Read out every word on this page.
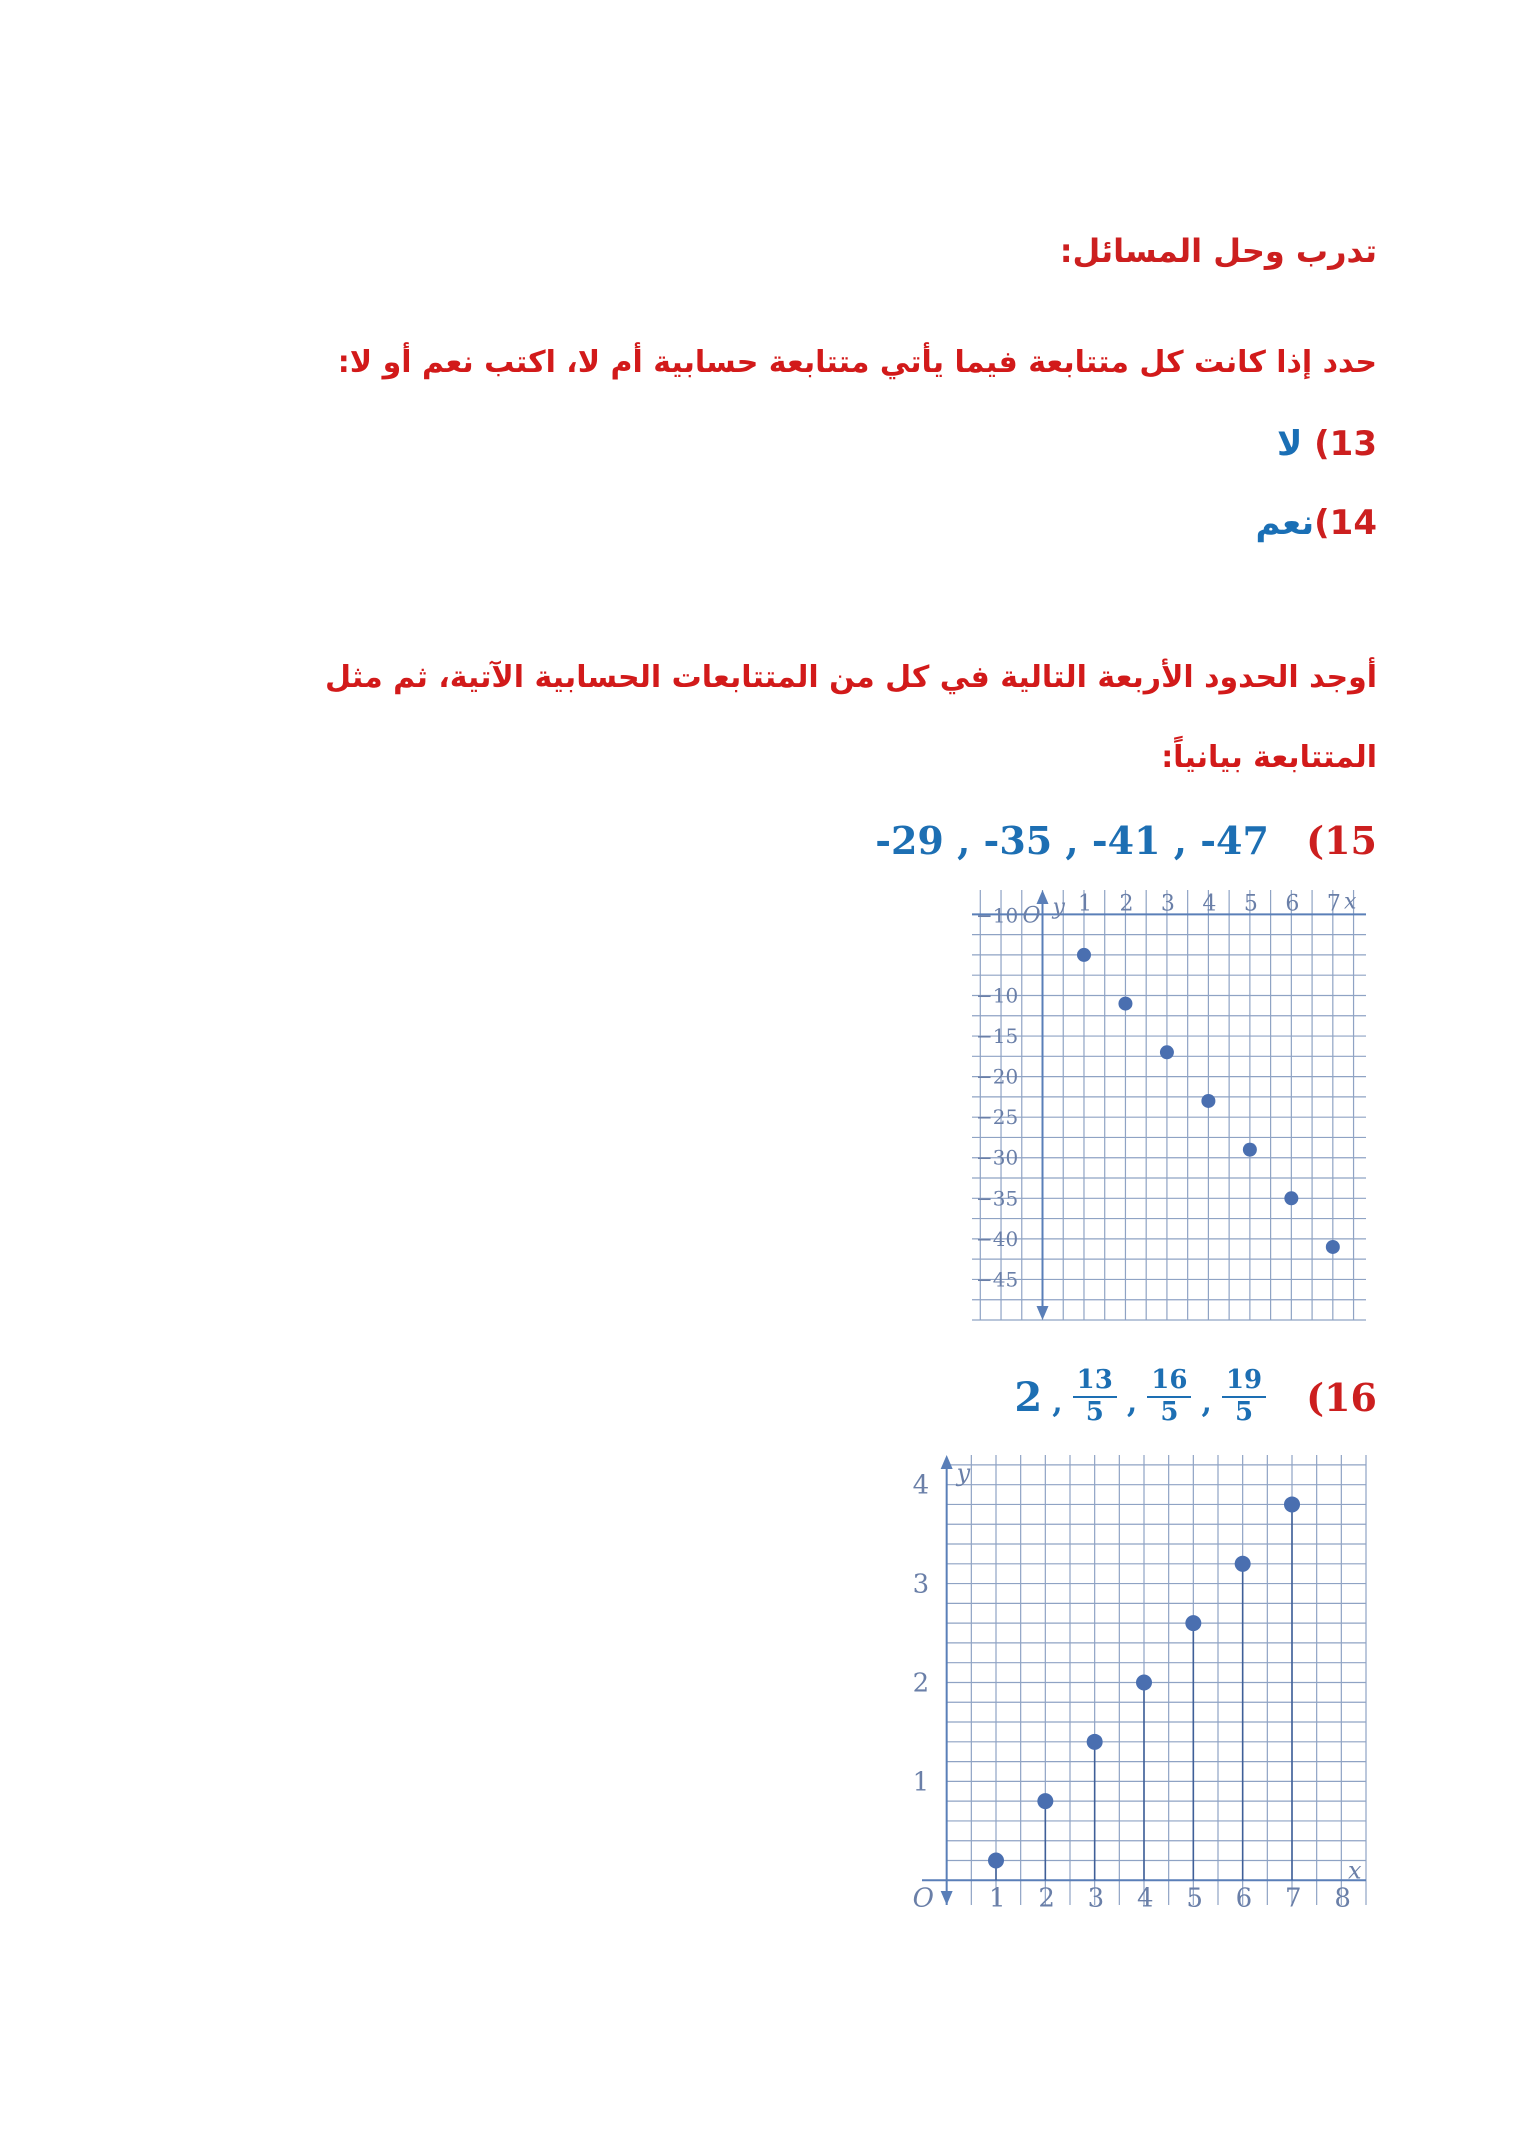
تدرب وحل المسائل:
حدد إذا كانت كل متتابعة فيما يأتي متتابعة حسابية أم لا، اكتب نعم أو لا:
13) لا
14)نعم
أوجد الحدود الأربعة التالية في كل من المتتابعات الحسابية الآتية، ثم مثل
المتتابعة بيانياً:
-29 , -35 , -41 , -47 (15
y	x
O 1 2 3 4 5 6 7
−10
−10
−15
−20
−25
−30
−35
−40
−45
2 , $\frac{13}{5}$ , $\frac{16}{5}$ , $\frac{19}{5} (16$
y
x
O 1 2 3 4 5 6 7 8
1
2
3
4
